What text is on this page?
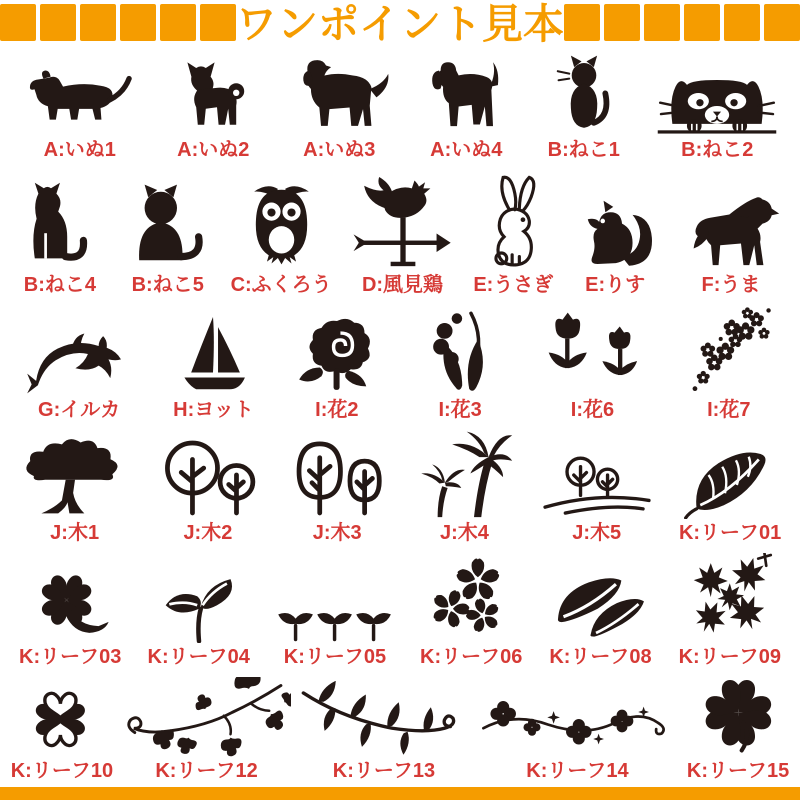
ワンポイント見本
A:いぬ1	A:いぬ2	A:いぬ3	A:いぬ4 B:ねこ1	B:ねこ2
B:ねこ4 B:ねこ5 C:ふくろう D:風見鶏 E:うさぎ E:りす	F:うま
G:イルカ	H:ヨット	I:花2	I:花3	I:花6	I:花7
J:木1	J:木2	J:木3	J:木4	J:木5	K:リーフ01
K:リーフ03 K:リーフ04 K:リーフ05 K:リーフ06 K:リーフ08 K:リーフ09
K:リーフ10 K:リーフ12	K:リーフ13	K:リーフ14	K:リーフ15
